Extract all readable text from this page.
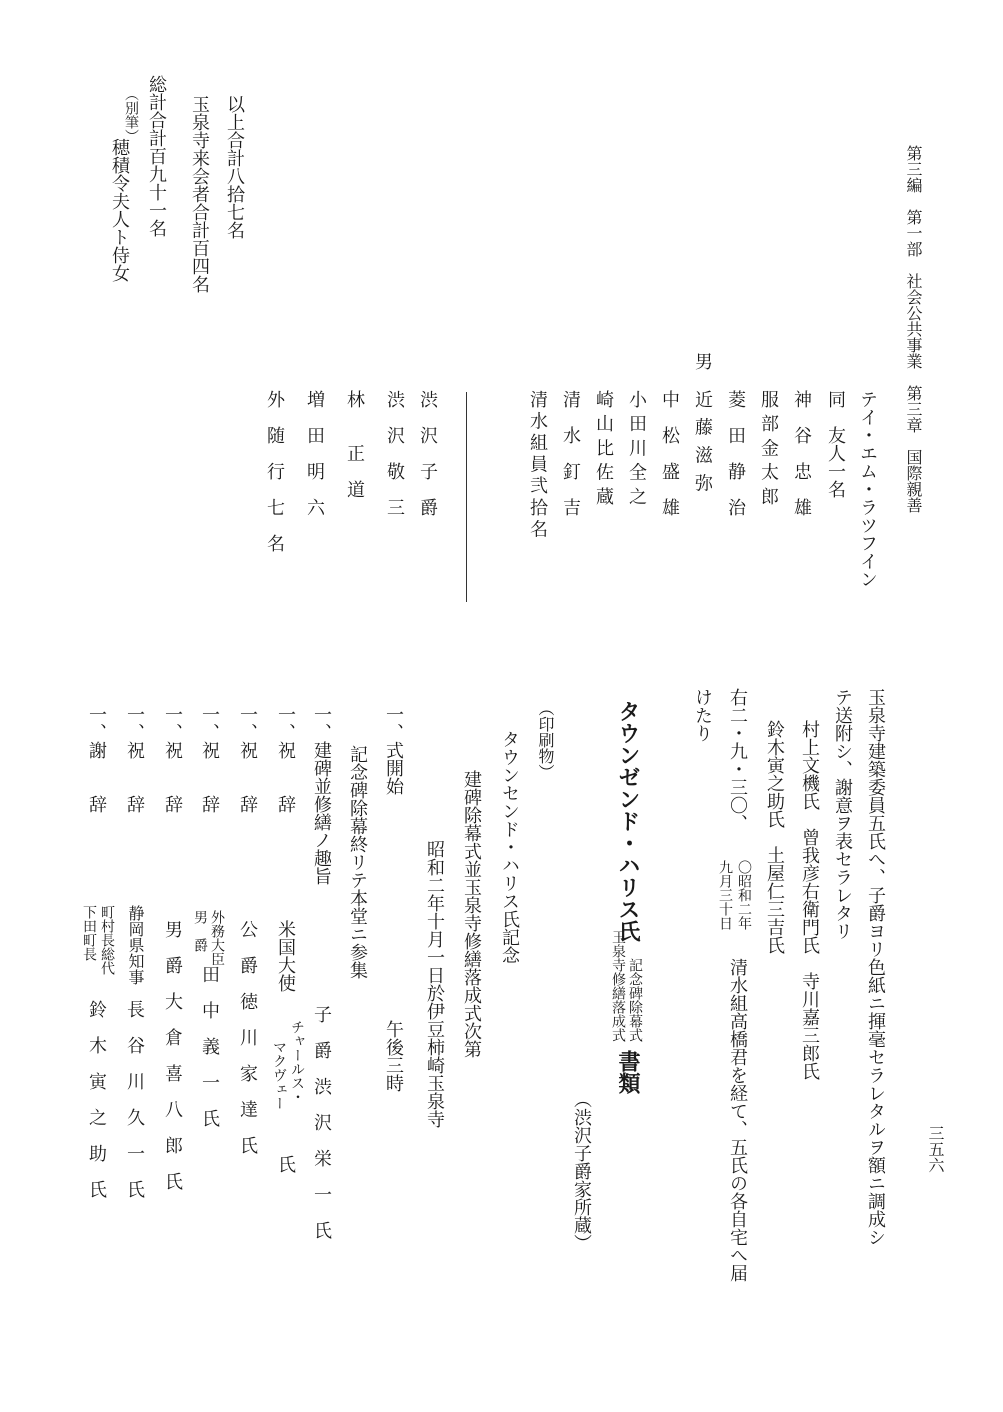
第三編　第一部　社会公共事業　第三章　国際親善
三五六
テイ・エム・ラツフイン
同　友人一名
神　谷　忠　雄
服部金太郎
菱　田　静　治
男
近藤滋弥
中　松　盛　雄
小田川全之
崎山比佐蔵
清　水　釘　吉
清水組員弐拾名
渋　沢　子　爵
渋　沢　敬　三
林　　正　道
増　田　明　六
外　随　行　七　名
以上合計八拾七名
玉泉寺来会者合計百四名
総計合計百九十一名
（別筆）
穂積令夫人ト侍女
玉泉寺建築委員五氏へ、子爵ヨリ色紙ニ揮毫セラレタルヲ額ニ調成シ
テ送附シ、謝意ヲ表セラレタリ
村上文機氏　曾我彦右衛門氏　寺川嘉三郎氏
鈴木寅之助氏　土屋仁三吉氏
右二・九・三〇、
〇昭和二年
九月三十日
清水組高橋君を経て、五氏の各自宅へ届
けたり
タウンゼンド・ハリス氏
記念碑除幕式
玉泉寺修繕落成式
書類
（渋沢子爵家所蔵）
（印刷物）
タウンセンド・ハリス氏記念
建碑除幕式並玉泉寺修繕落成式次第
昭和二年十月一日於伊豆柿崎玉泉寺
一、式開始
午後三時
記念碑除幕終リテ本堂ニ参集
一、建碑並修繕ノ趣旨
子　爵　渋　沢　栄　一　氏
一、祝　　辞
米国大使
チャールス・
マクヴェー
氏
一、祝　　辞
公　爵　徳　川　家　達　氏
一、祝　　辞
外務大臣
男　爵
田　中　義　一　氏
一、祝　　辞
男　爵　大　倉　喜　八　郎　氏
一、祝　　辞
静岡県知事
長　谷　川　久　一　氏
一、謝　　辞
町村長総代
下田町長
鈴　木　寅　之　助　氏
